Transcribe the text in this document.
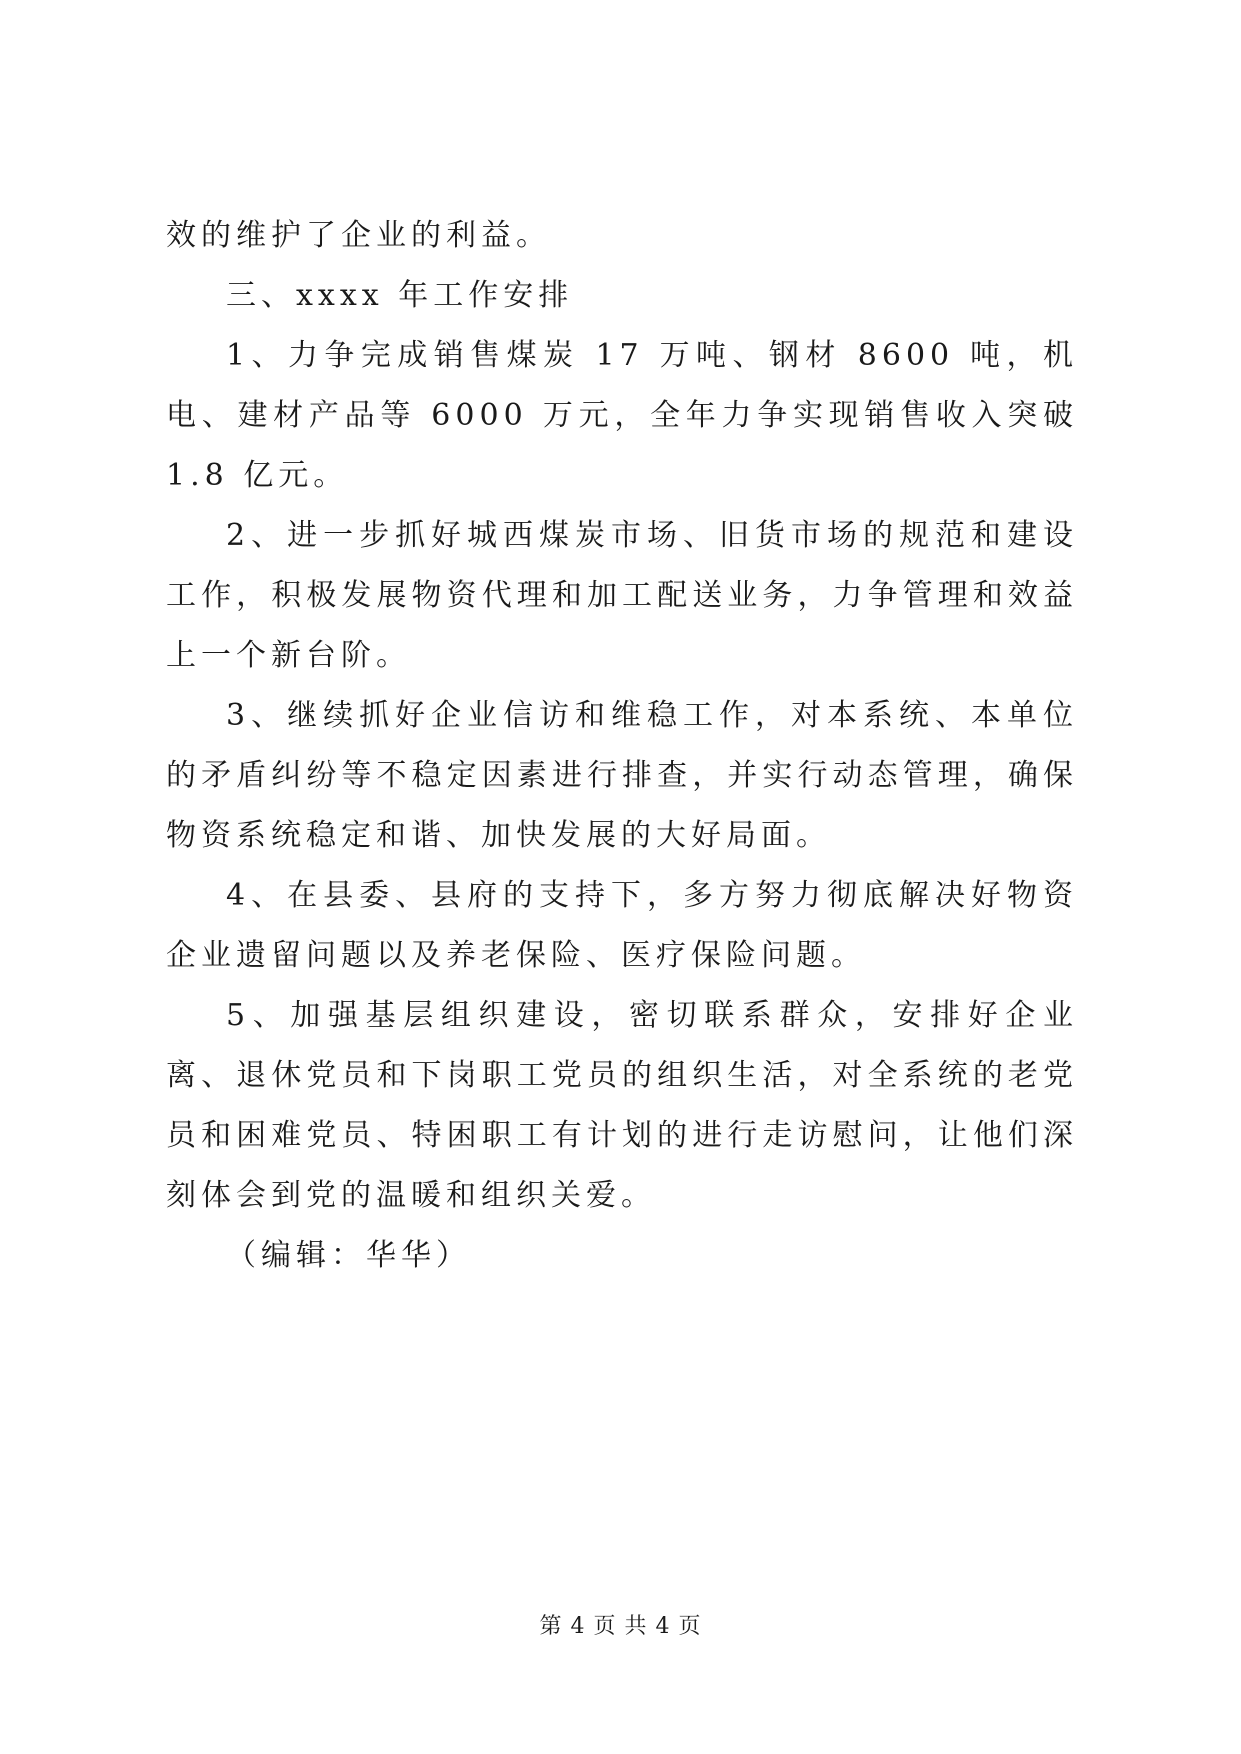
效的维护了企业的利益。

三、xxxx 年工作安排

1、力争完成销售煤炭 17 万吨、钢材 8600 吨，机电、建材产品等 6000 万元，全年力争实现销售收入突破 1.8 亿元。

2、进一步抓好城西煤炭市场、旧货市场的规范和建设工作，积极发展物资代理和加工配送业务，力争管理和效益上一个新台阶。

3、继续抓好企业信访和维稳工作，对本系统、本单位的矛盾纠纷等不稳定因素进行排查，并实行动态管理，确保物资系统稳定和谐、加快发展的大好局面。

4、在县委、县府的支持下，多方努力彻底解决好物资企业遗留问题以及养老保险、医疗保险问题。

5、加强基层组织建设，密切联系群众，安排好企业离、退休党员和下岗职工党员的组织生活，对全系统的老党员和困难党员、特困职工有计划的进行走访慰问，让他们深刻体会到党的温暖和组织关爱。

（编辑：华华）

第 4 页 共 4 页
